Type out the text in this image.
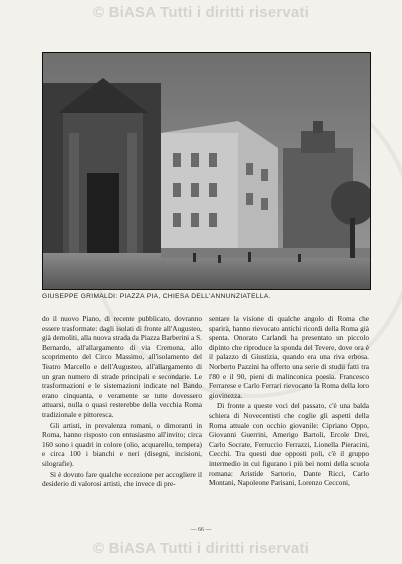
© BiASA Tutti i diritti riservati
GIUSEPPE GRIMALDI: PIAZZA PIA, CHIESA DELL'ANNUNZIATELLA.

do il nuovo Piano, di recente pubblicato, dovranno essere trasformate: dagli isolati di fronte all'Augusteo, già demoliti, alla nuova strada da Piazza Barberini a S. Bernardo, all'allargamento di via Cremona, allo scoprimento del Circo Massimo, all'isolamento del Teatro Marcello e dell'Augusteo, all'allargamento di un gran numero di strade principali e secondarie. Le trasformazioni e le sistemazioni indicate nel Bando erano cinquanta, e veramente se tutte dovessero attuarsi, nulla o quasi resterebbe della vecchia Roma tradizionale e pittoresca.

Gli artisti, in prevalenza romani, o dimoranti in Roma, hanno risposto con entusiasmo all'invito; circa 160 sono i quadri in colore (olio, acquarello, tempera) e circa 100 i bianchi e neri (disegni, incisioni, silografie).

Si è dovuto fare qualche eccezione per accogliere il desiderio di valorosi artisti, che invece di pre-

sentare la visione di qualche angolo di Roma che sparirà, hanno rievocato antichi ricordi della Roma già spenta. Onorato Carlandi ha presentato un piccolo dipinto che riproduce la sponda del Tevere, dove ora è il palazzo di Giustizia, quando era una riva erbosa. Norberto Pazzini ha offerto una serie di studii fatti tra l'80 e il 90, pieni di malinconica poesia. Francesco Ferrarese e Carlo Ferrari rievocano la Roma della loro giovinezza.

Di fronte a queste voci del passato, c'è una balda schiera di Novecentisti che coglie gli aspetti della Roma attuale con occhio giovanile: Cipriano Oppo, Giovanni Guerrini, Amerigo Bartoli, Ercole Drei, Carlo Socrate, Ferruccio Ferrazzi, Lionella Pieracini, Cecchi. Tra questi due opposti poli, c'è il gruppo intermedio in cui figurano i più bei nomi della scuola romana: Aristide Sartorio, Dante Ricci, Carlo Montani, Napoleone Parisani, Lorenzo Cecconi,

— 66 —
© BiASA Tutti i diritti riservati
